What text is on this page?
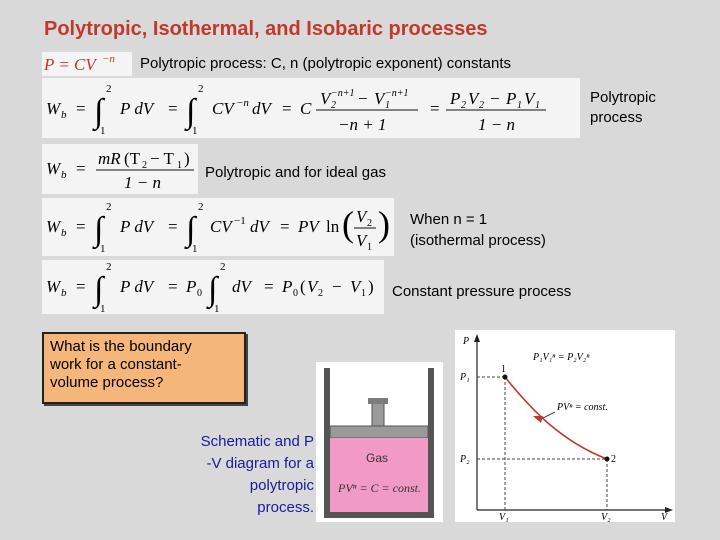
Polytropic, Isothermal, and Isobaric processes
P = CV −n Polytropic process: C, n (polytropic exponent) constants
W b = ∫
2
1
P dV = ∫
2
1
CV −n dV = C
V 2
−n+1 − V 1
−n+1
−n + 1
=
P 2 V 2 − P 1 V 1
1 − n
Polytropic process
W b =
mR (T 2 − T 1 )
1 − n
Polytropic and for ideal gas
W b = ∫
2
1
P dV = ∫
2
1
CV −1 dV = PV ln ( V 2
V 1
) When n = 1
(isothermal process)
W b = ∫
2
1
P dV = P 0 ∫
2
1
dV = P 0 ( V 2 − V 1 ) Constant pressure process
What is the boundary
work for a constant-
volume process?
Schematic and P
-V diagram for a
polytropic
process.
Gas
PVⁿ = C = const.
P
V
P₁
P₂
V₁	V₂
1
2
P₁V₁ⁿ = P₂V₂ⁿ
PVⁿ = const.
